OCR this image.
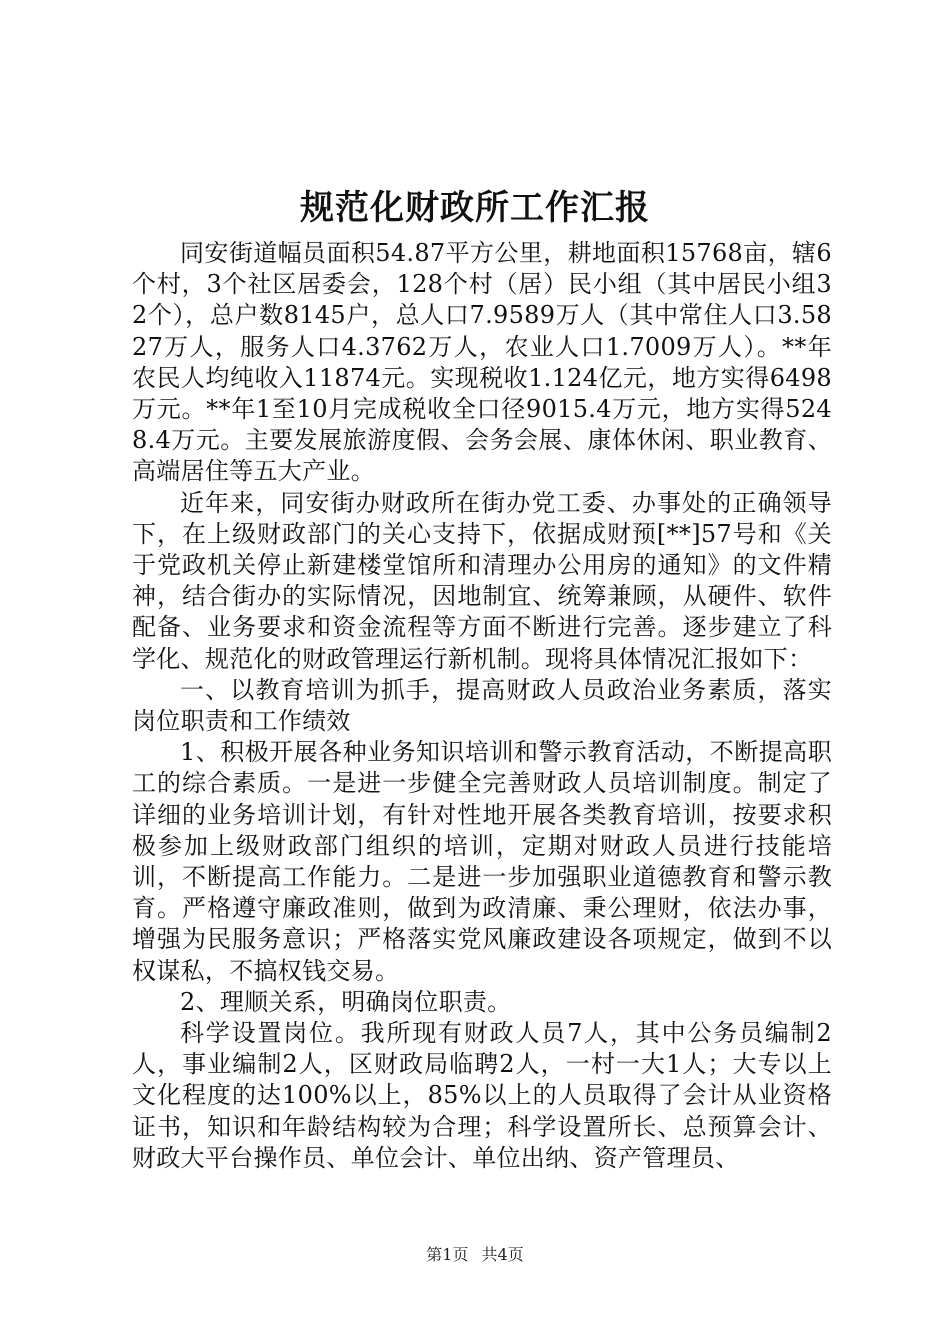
规范化财政所工作汇报

同安街道幅员面积54.87平方公里，耕地面积15768亩，辖6个村，3个社区居委会，128个村（居）民小组（其中居民小组32个），总户数8145户，总人口7.9589万人（其中常住人口3.5827万人，服务人口4.3762万人，农业人口1.7009万人）。**年农民人均纯收入11874元。实现税收1.124亿元，地方实得6498万元。**年1至10月完成税收全口径9015.4万元，地方实得5248.4万元。主要发展旅游度假、会务会展、康体休闲、职业教育、高端居住等五大产业。

近年来，同安街办财政所在街办党工委、办事处的正确领导下，在上级财政部门的关心支持下，依据成财预[**]57号和《关于党政机关停止新建楼堂馆所和清理办公用房的通知》的文件精神，结合街办的实际情况，因地制宜、统筹兼顾，从硬件、软件配备、业务要求和资金流程等方面不断进行完善。逐步建立了科学化、规范化的财政管理运行新机制。现将具体情况汇报如下：

一、以教育培训为抓手，提高财政人员政治业务素质，落实岗位职责和工作绩效

1、积极开展各种业务知识培训和警示教育活动，不断提高职工的综合素质。一是进一步健全完善财政人员培训制度。制定了详细的业务培训计划，有针对性地开展各类教育培训，按要求积极参加上级财政部门组织的培训，定期对财政人员进行技能培训，不断提高工作能力。二是进一步加强职业道德教育和警示教育。严格遵守廉政准则，做到为政清廉、秉公理财，依法办事，增强为民服务意识；严格落实党风廉政建设各项规定，做到不以权谋私，不搞权钱交易。

2、理顺关系，明确岗位职责。

科学设置岗位。我所现有财政人员7人，其中公务员编制2人，事业编制2人，区财政局临聘2人，一村一大1人；大专以上文化程度的达100%以上，85%以上的人员取得了会计从业资格证书，知识和年龄结构较为合理；科学设置所长、总预算会计、财政大平台操作员、单位会计、单位出纳、资产管理员、

第1页 共4页
